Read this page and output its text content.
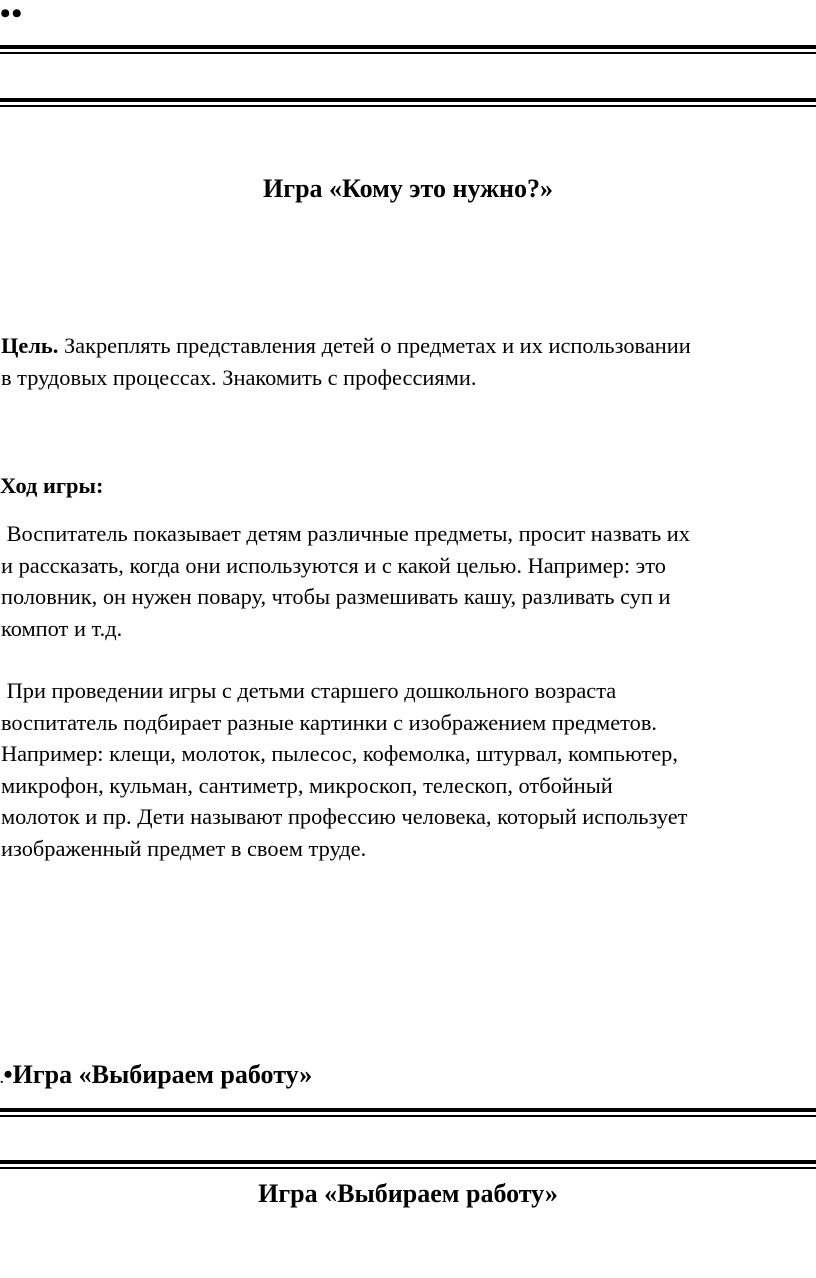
••
Игра «Кому это нужно?»
Цель. Закреплять представления детей о предметах и их использовании
в трудовых процессах. Знакомить с профессиями.
Ход игры:
Воспитатель показывает детям различные предметы, просит назвать их
и рассказать, когда они используются и с какой целью. Например: это
половник, он нужен повару, чтобы размешивать кашу, разливать суп и
компот и т.д.
При проведении игры с детьми старшего дошкольного возраста
воспитатель подбирает разные картинки с изображением предметов.
Например: клещи, молоток, пылесос, кофемолка, штурвал, компьютер,
микрофон, кульман, сантиметр, микроскоп, телескоп, отбойный
молоток и пр. Дети называют профессию человека, который использует
изображенный предмет в своем труде.
.•Игра «Выбираем работу»
Игра «Выбираем работу»
